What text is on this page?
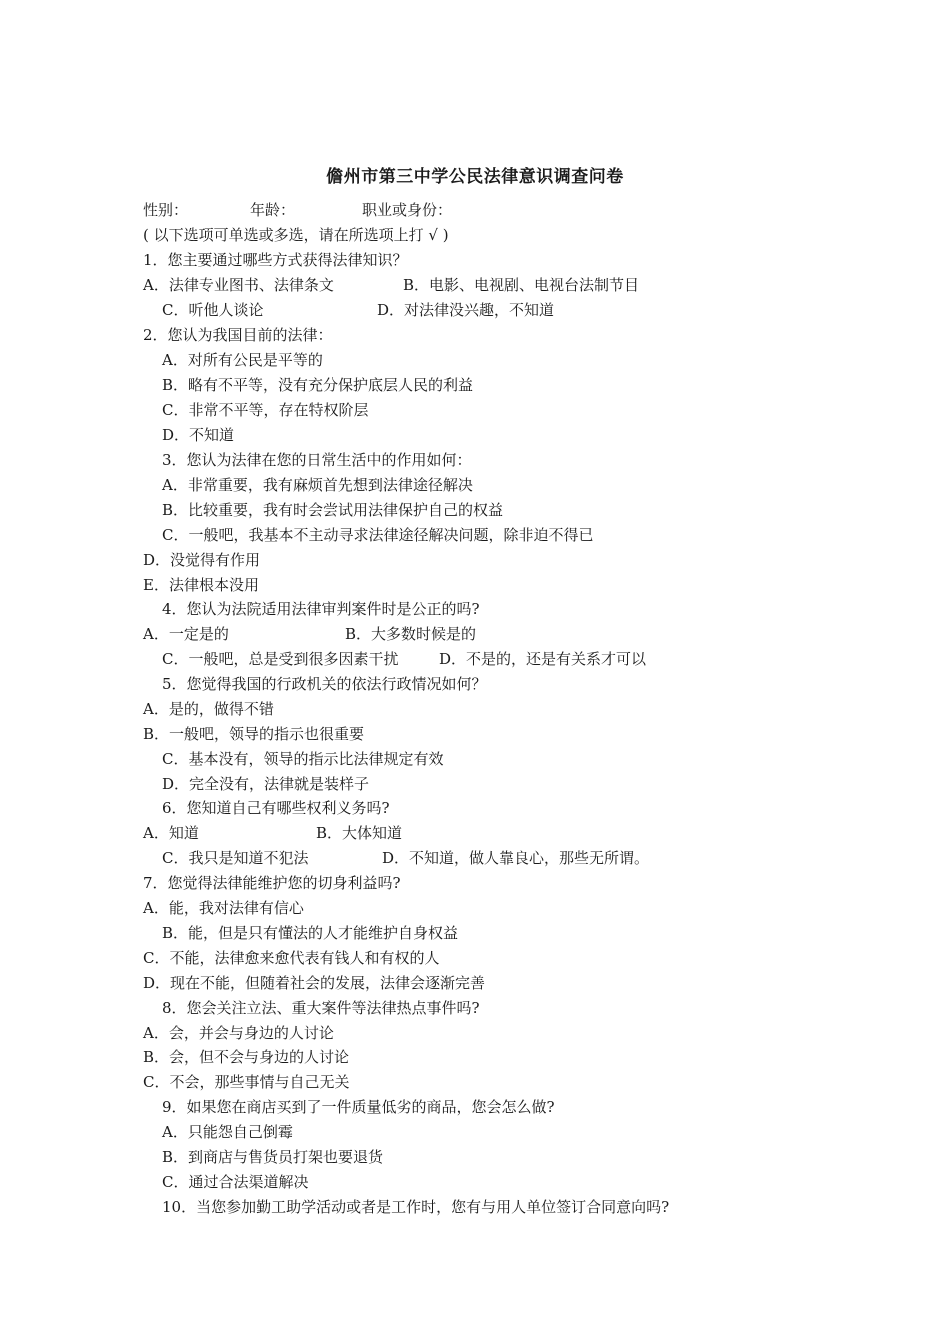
儋州市第三中学公民法律意识调查问卷
性别：	年龄：	职业或身份：
( 以下选项可单选或多选，请在所选项上打 √ )
1．您主要通过哪些方式获得法律知识？
A．法律专业图书、法律条文	B．电影、电视剧、电视台法制节目
C．听他人谈论	D．对法律没兴趣，不知道
2．您认为我国目前的法律：
A．对所有公民是平等的
B．略有不平等，没有充分保护底层人民的利益
C．非常不平等，存在特权阶层
D．不知道
3．您认为法律在您的日常生活中的作用如何：
A．非常重要，我有麻烦首先想到法律途径解决
B．比较重要，我有时会尝试用法律保护自己的权益
C．一般吧，我基本不主动寻求法律途径解决问题，除非迫不得已
D．没觉得有作用
E．法律根本没用
4．您认为法院适用法律审判案件时是公正的吗?
A．一定是的	B．大多数时候是的
C．一般吧，总是受到很多因素干扰	D．不是的，还是有关系才可以
5．您觉得我国的行政机关的依法行政情况如何？
A．是的，做得不错
B．一般吧，领导的指示也很重要
C．基本没有，领导的指示比法律规定有效
D．完全没有，法律就是装样子
6．您知道自己有哪些权利义务吗?
A．知道	B．大体知道
C．我只是知道不犯法	D．不知道，做人靠良心，那些无所谓。
7．您觉得法律能维护您的切身利益吗?
A．能，我对法律有信心
B．能，但是只有懂法的人才能维护自身权益
C．不能，法律愈来愈代表有钱人和有权的人
D．现在不能，但随着社会的发展，法律会逐渐完善
8．您会关注立法、重大案件等法律热点事件吗?
A．会，并会与身边的人讨论
B．会，但不会与身边的人讨论
C．不会，那些事情与自己无关
9．如果您在商店买到了一件质量低劣的商品，您会怎么做?
A．只能怨自己倒霉
B．到商店与售货员打架也要退货
C．通过合法渠道解决
10．当您参加勤工助学活动或者是工作时，您有与用人单位签订合同意向吗?
